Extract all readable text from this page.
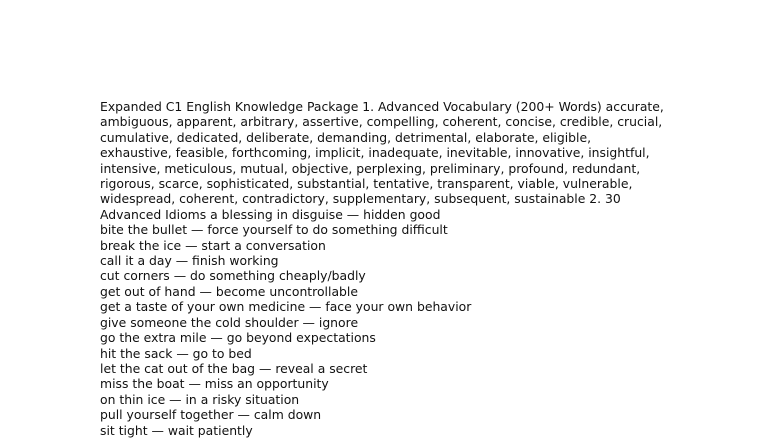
Expanded C1 English Knowledge Package 1. Advanced Vocabulary (200+ Words) accurate,
ambiguous, apparent, arbitrary, assertive, compelling, coherent, concise, credible, crucial,
cumulative, dedicated, deliberate, demanding, detrimental, elaborate, eligible,
exhaustive, feasible, forthcoming, implicit, inadequate, inevitable, innovative, insightful,
intensive, meticulous, mutual, objective, perplexing, preliminary, profound, redundant,
rigorous, scarce, sophisticated, substantial, tentative, transparent, viable, vulnerable,
widespread, coherent, contradictory, supplementary, subsequent, sustainable 2. 30
Advanced Idioms a blessing in disguise — hidden good
bite the bullet — force yourself to do something difficult
break the ice — start a conversation
call it a day — finish working
cut corners — do something cheaply/badly
get out of hand — become uncontrollable
get a taste of your own medicine — face your own behavior
give someone the cold shoulder — ignore
go the extra mile — go beyond expectations
hit the sack — go to bed
let the cat out of the bag — reveal a secret
miss the boat — miss an opportunity
on thin ice — in a risky situation
pull yourself together — calm down
sit tight — wait patiently
